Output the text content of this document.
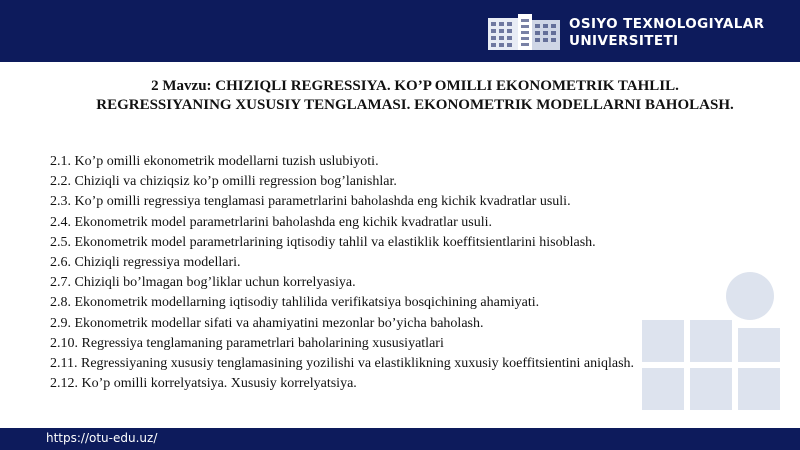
OSIYO TEXNOLOGIYALAR
UNIVERSITETI
2 Mavzu: CHIZIQLI REGRESSIYA. KO’P OMILLI EKONOMETRIK TAHLIL. REGRESSIYANING XUSUSIY TENGLAMASI. EKONOMETRIK MODELLARNI BAHOLASH.
2.1. Ko’p omilli ekonometrik modellarni tuzish uslubiyoti.
2.2. Chiziqli va chiziqsiz ko’p omilli regression bog’lanishlar.
2.3. Ko’p omilli regressiya tenglamasi parametrlarini baholashda eng kichik kvadratlar usuli.
2.4. Ekonometrik model parametrlarini baholashda eng kichik kvadratlar usuli.
2.5. Ekonometrik model parametrlarining iqtisodiy tahlil va elastiklik koeffitsientlarini hisoblash.
2.6. Chiziqli regressiya modellari.
2.7. Chiziqli bo’lmagan bog’liklar uchun korrelyasiya.
2.8. Ekonometrik modellarning iqtisodiy tahlilida verifikatsiya bosqichining ahamiyati.
2.9. Ekonometrik modellar sifati va ahamiyatini mezonlar bo’yicha baholash.
2.10. Regressiya tenglamaning parametrlari baholarining xususiyatlari
2.11. Regressiyaning xususiy tenglamasining yozilishi va elastiklikning xuxusiy koeffitsientini aniqlash.
2.12. Ko’p omilli korrelyatsiya. Xususiy korrelyatsiya.
https://otu-edu.uz/
